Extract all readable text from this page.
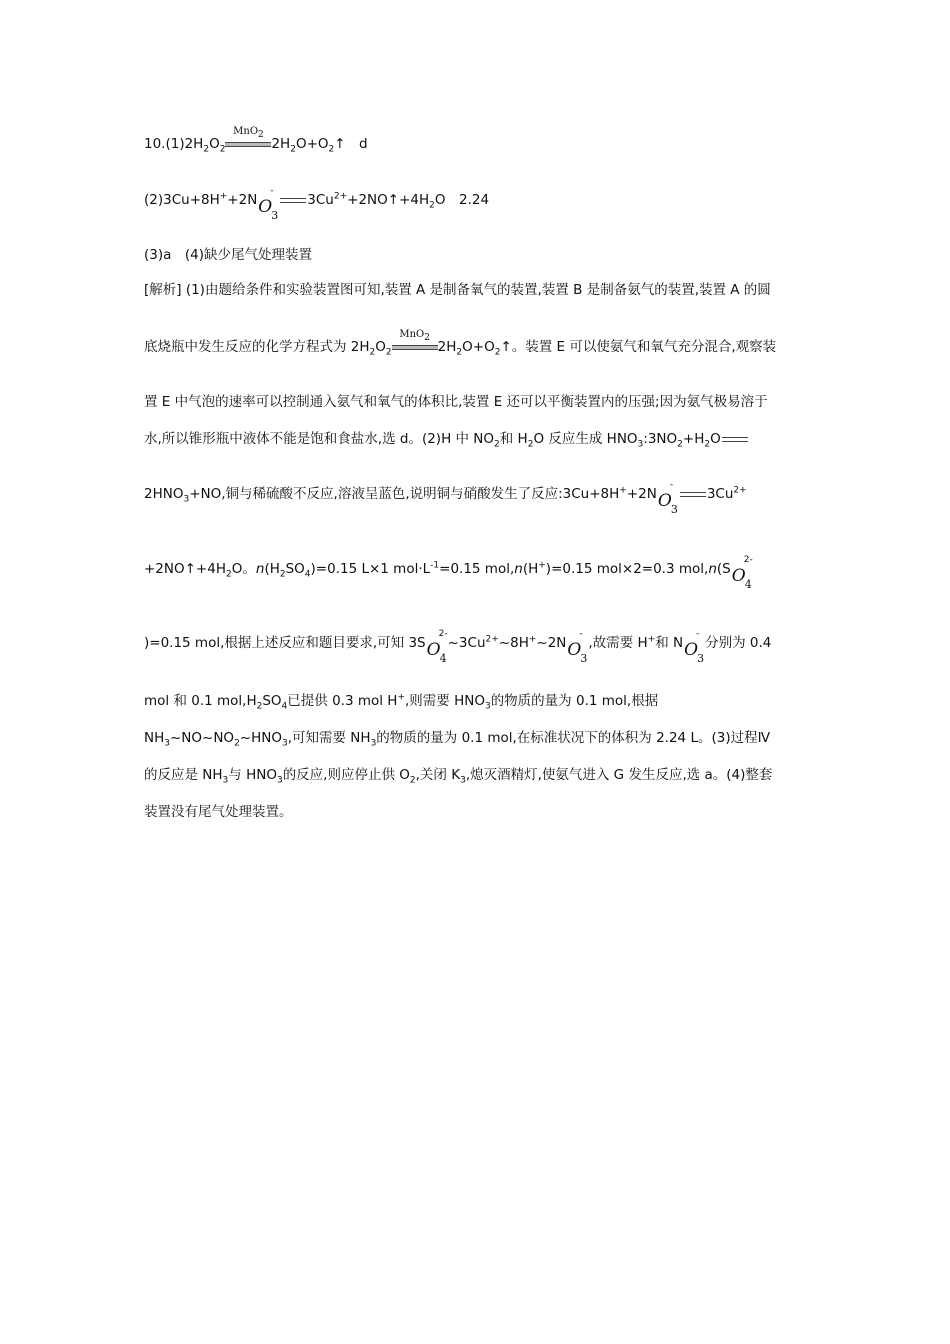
$10.(1)2H_2O_2$
MnO$_2$
$2H_2O+O_2↑$　d
(2)3Cu+8H++2N O 3
-
$3Cu^{2+}+2NO↑+4H_2O$　2.24
(3)a　(4)缺少尾气处理装置
[解析] (1)由题给条件和实验装置图可知,装置 A 是制备氧气的装置,装置 B 是制备氨气的装置,装置 A 的圆
底烧瓶中发生反应的化学方程式为 $2H_2O_2$
MnO$_2$
$2H_2O+O_2↑$。装置 E 可以使氨气和氧气充分混合,观察装
置 E 中气泡的速率可以控制通入氨气和氧气的体积比,装置 E 还可以平衡装置内的压强;因为氨气极易溶于
水,所以锥形瓶中液体不能是饱和食盐水,选 d。(2)H 中 $NO_2$和 $H_2O$ 反应生成 $HNO_3:3NO_2+H_2O$
$2HNO_3+NO$,铜与稀硫酸不反应,溶液呈蓝色,说明铜与硝酸发生了反应:3Cu+8H++2N O 3
-
$3Cu^{2+}$
$+2NO↑+4H_2O$。$n(H_2SO_4)=0.15$ L×1 $mol\cdot L^{-1}=0.15$ mol,n(H+)=0.15 mol×2=0.3 mol,n(S O 4
2-
)=0.15 mol,根据上述反应和题目要求,可知 3S O 4
2-
$\sim 3Cu^{2+}\sim 8H^+\sim 2N$ O 3
-
,故需要 H+和 N O 3
-
分别为 0.4
mol 和 0.1 $mol,H_2SO_4$已提供 0.3 mol H+,则需要 $HNO_3$的物质的量为 0.1 mol,根据
$NH_3\sim NO\sim NO_2\sim HNO_3$,可知需要 $NH_3$的物质的量为 0.1 mol,在标准状况下的体积为 2.24 L。(3)过程Ⅳ
的反应是 $NH_3$与 $HNO_3$的反应,则应停止供 $O_2$,关闭 $K_3$,熄灭酒精灯,使氨气进入 G 发生反应,选 a。(4)整套
装置没有尾气处理装置。
